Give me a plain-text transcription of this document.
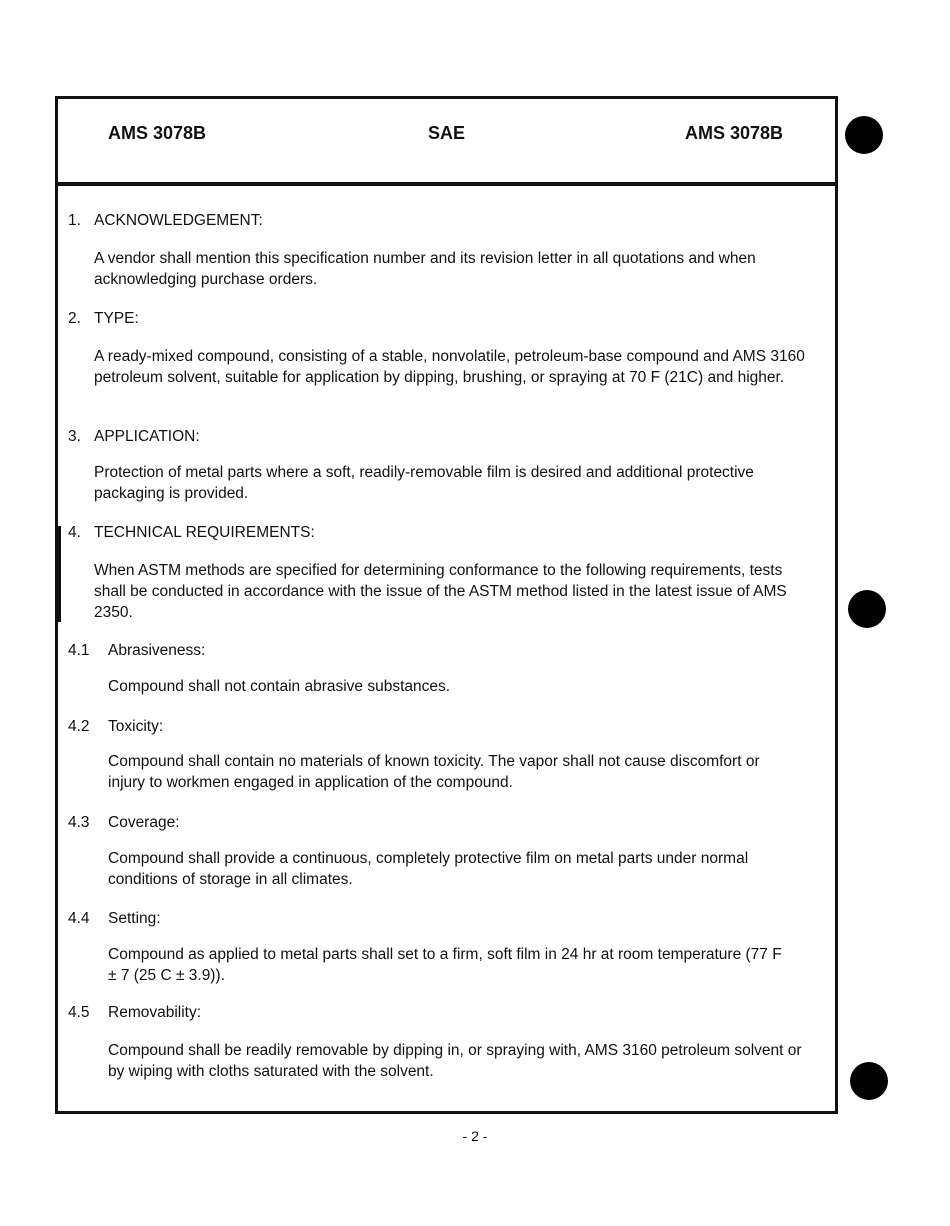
AMS 3078B	SAE	AMS 3078B
1. ACKNOWLEDGEMENT:
A vendor shall mention this specification number and its revision letter in all quotations and when acknowledging purchase orders.
2. TYPE:
A ready-mixed compound, consisting of a stable, nonvolatile, petroleum-base compound and AMS 3160 petroleum solvent, suitable for application by dipping, brushing, or spraying at 70 F (21C) and higher.
3. APPLICATION:
Protection of metal parts where a soft, readily-removable film is desired and additional protective packaging is provided.
4. TECHNICAL REQUIREMENTS:
When ASTM methods are specified for determining conformance to the following requirements, tests shall be conducted in accordance with the issue of the ASTM method listed in the latest issue of AMS 2350.
4.1 Abrasiveness:
Compound shall not contain abrasive substances.
4.2 Toxicity:
Compound shall contain no materials of known toxicity. The vapor shall not cause discomfort or injury to workmen engaged in application of the compound.
4.3 Coverage:
Compound shall provide a continuous, completely protective film on metal parts under normal conditions of storage in all climates.
4.4 Setting:
Compound as applied to metal parts shall set to a firm, soft film in 24 hr at room temperature (77 F ± 7 (25 C ± 3.9)).
4.5 Removability:
Compound shall be readily removable by dipping in, or spraying with, AMS 3160 petroleum solvent or by wiping with cloths saturated with the solvent.
- 2 -
